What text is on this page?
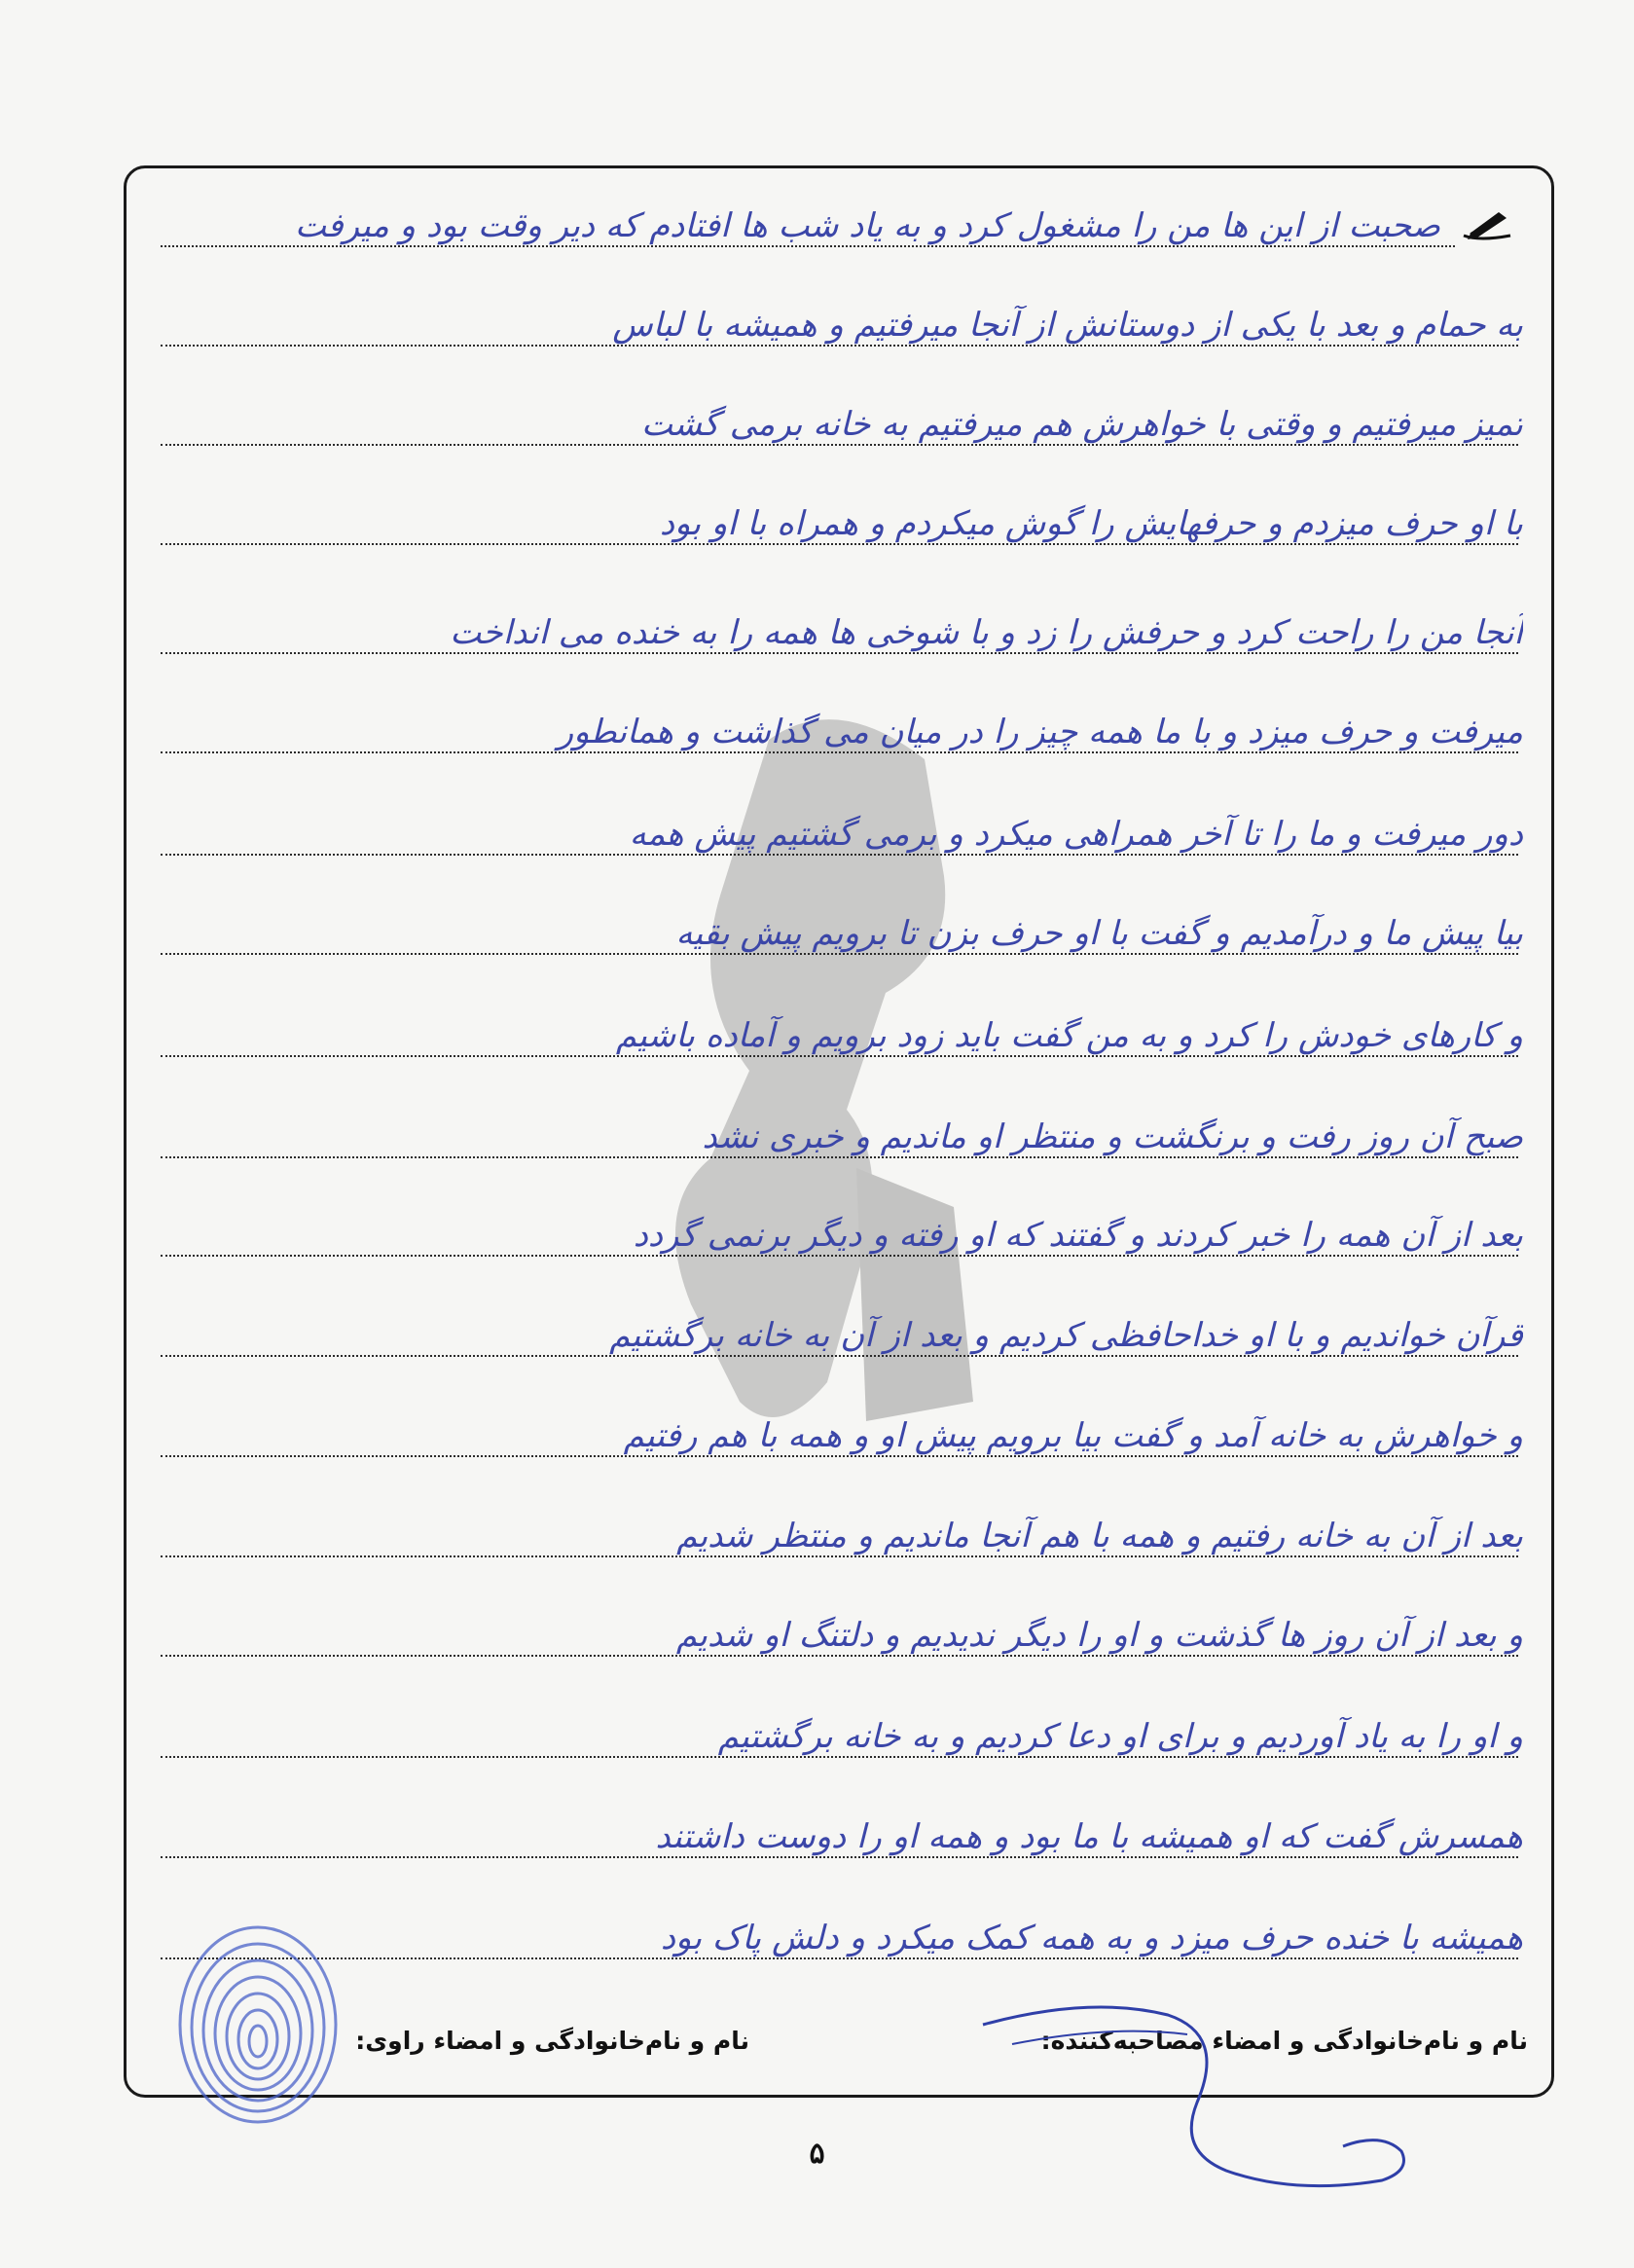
صحبت از این ها من را مشغول کرد و به یاد شب ها افتادم که دیر وقت بود و میرفت
به حمام و بعد با یکی از دوستانش از آنجا میرفتیم و همیشه با لباس
تمیز میرفتیم و وقتی با خواهرش هم میرفتیم به خانه برمی گشت
با او حرف میزدم و حرفهایش را گوش میکردم و همراه با او بود
آنجا من را راحت کرد و حرفش را زد و با شوخی ها همه را به خنده می انداخت
میرفت و حرف میزد و با ما همه چیز را در میان می گذاشت و همانطور
دور میرفت و ما را تا آخر همراهی میکرد و برمی گشتیم پیش همه
بیا پیش ما و درآمدیم و گفت با او حرف بزن تا برویم پیش بقیه
و کارهای خودش را کرد و به من گفت باید زود برویم و آماده باشیم
صبح آن روز رفت و برنگشت و منتظر او ماندیم و خبری نشد
بعد از آن همه را خبر کردند و گفتند که او رفته و دیگر برنمی گردد
قرآن خواندیم و با او خداحافظی کردیم و بعد از آن به خانه برگشتیم
و خواهرش به خانه آمد و گفت بیا برویم پیش او و همه با هم رفتیم
بعد از آن به خانه رفتیم و همه با هم آنجا ماندیم و منتظر شدیم
و بعد از آن روز ها گذشت و او را دیگر ندیدیم و دلتنگ او شدیم
و او را به یاد آوردیم و برای او دعا کردیم و به خانه برگشتیم
همسرش گفت که او همیشه با ما بود و همه او را دوست داشتند
همیشه با خنده حرف میزد و به همه کمک میکرد و دلش پاک بود
نام و نام‌خانوادگی و امضاء مصاحبه‌کننده:
نام و نام‌خانوادگی و امضاء راوی:
۵
